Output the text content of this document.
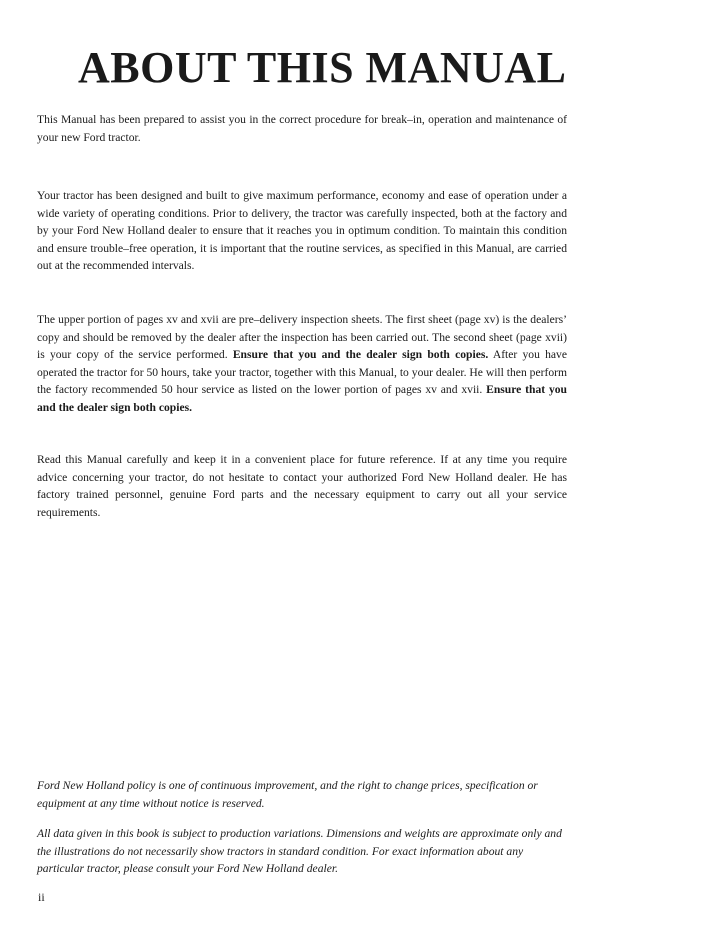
ABOUT THIS MANUAL

This Manual has been prepared to assist you in the correct procedure for break–in, operation and maintenance of your new Ford tractor.

Your tractor has been designed and built to give maximum performance, economy and ease of operation under a wide variety of operating conditions. Prior to delivery, the tractor was carefully inspected, both at the factory and by your Ford New Holland dealer to ensure that it reaches you in optimum condition. To maintain this condition and ensure trouble–free operation, it is important that the routine services, as specified in this Manual, are carried out at the recommended intervals.

The upper portion of pages xv and xvii are pre–delivery inspection sheets. The first sheet (page xv) is the dealers’ copy and should be removed by the dealer after the inspection has been carried out. The second sheet (page xvii) is your copy of the service performed. Ensure that you and the dealer sign both copies. After you have operated the tractor for 50 hours, take your tractor, together with this Manual, to your dealer. He will then perform the factory recommended 50 hour service as listed on the lower portion of pages xv and xvii. Ensure that you and the dealer sign both copies.

Read this Manual carefully and keep it in a convenient place for future reference. If at any time you require advice concerning your tractor, do not hesitate to contact your authorized Ford New Holland dealer. He has factory trained personnel, genuine Ford parts and the necessary equipment to carry out all your service requirements.

Ford New Holland policy is one of continuous improvement, and the right to change prices, specification or equipment at any time without notice is reserved.

All data given in this book is subject to production variations. Dimensions and weights are approximate only and the illustrations do not necessarily show tractors in standard condition. For exact information about any particular tractor, please consult your Ford New Holland dealer.

ii
